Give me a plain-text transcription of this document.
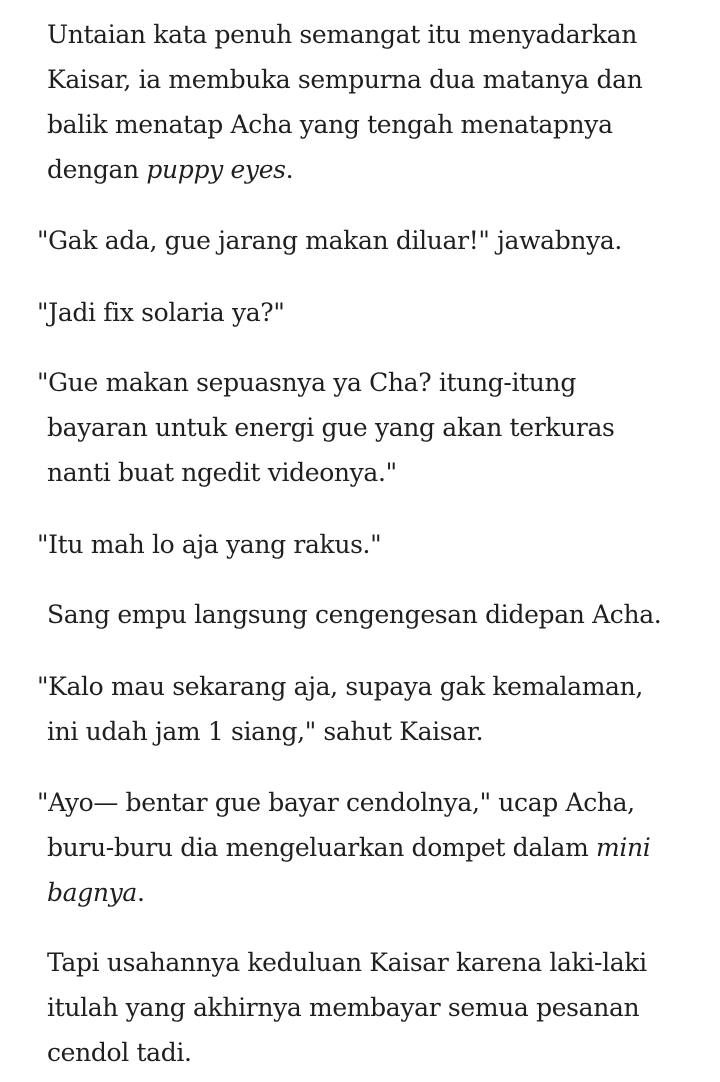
Untaian kata penuh semangat itu menyadarkan Kaisar, ia membuka sempurna dua matanya dan balik menatap Acha yang tengah menatapnya dengan puppy eyes.

"Gak ada, gue jarang makan diluar!" jawabnya.

"Jadi fix solaria ya?"

"Gue makan sepuasnya ya Cha? itung-itung bayaran untuk energi gue yang akan terkuras nanti buat ngedit videonya."

"Itu mah lo aja yang rakus."

Sang empu langsung cengengesan didepan Acha.

"Kalo mau sekarang aja, supaya gak kemalaman, ini udah jam 1 siang," sahut Kaisar.

"Ayo— bentar gue bayar cendolnya," ucap Acha, buru-buru dia mengeluarkan dompet dalam mini bagnya.

Tapi usahannya keduluan Kaisar karena laki-laki itulah yang akhirnya membayar semua pesanan cendol tadi.
